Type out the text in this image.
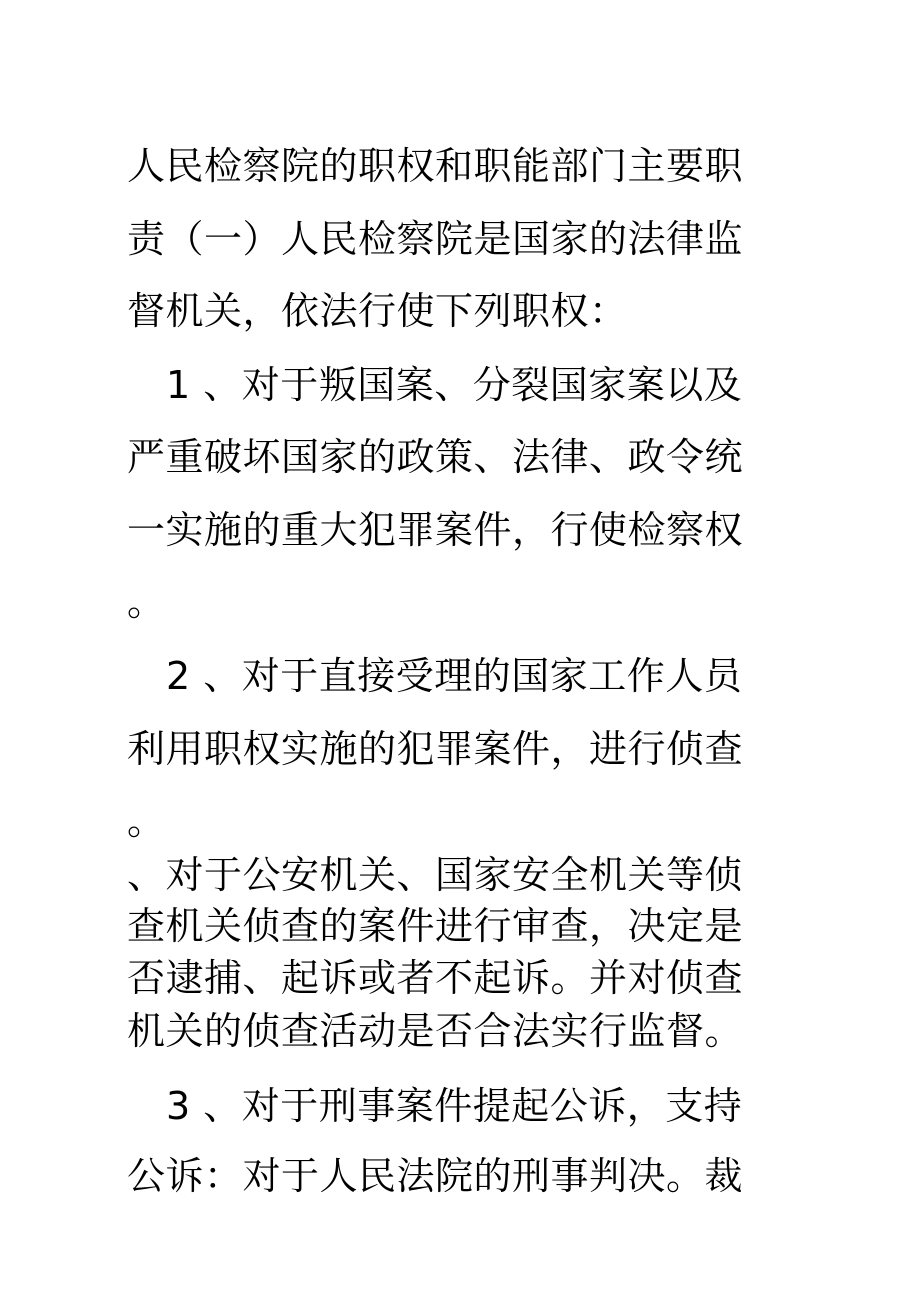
人民检察院的职权和职能部门主要职
责（一）人民检察院是国家的法律监
督机关，依法行使下列职权：
1 、对于叛国案、分裂国家案以及
严重破坏国家的政策、法律、政令统
一实施的重大犯罪案件，行使检察权
。
2 、对于直接受理的国家工作人员
利用职权实施的犯罪案件，进行侦查
。
、对于公安机关、国家安全机关等侦
查机关侦查的案件进行审查，决定是
否逮捕、起诉或者不起诉。并对侦查
机关的侦查活动是否合法实行监督。
3 、对于刑事案件提起公诉，支持
公诉：对于人民法院的刑事判决。裁
